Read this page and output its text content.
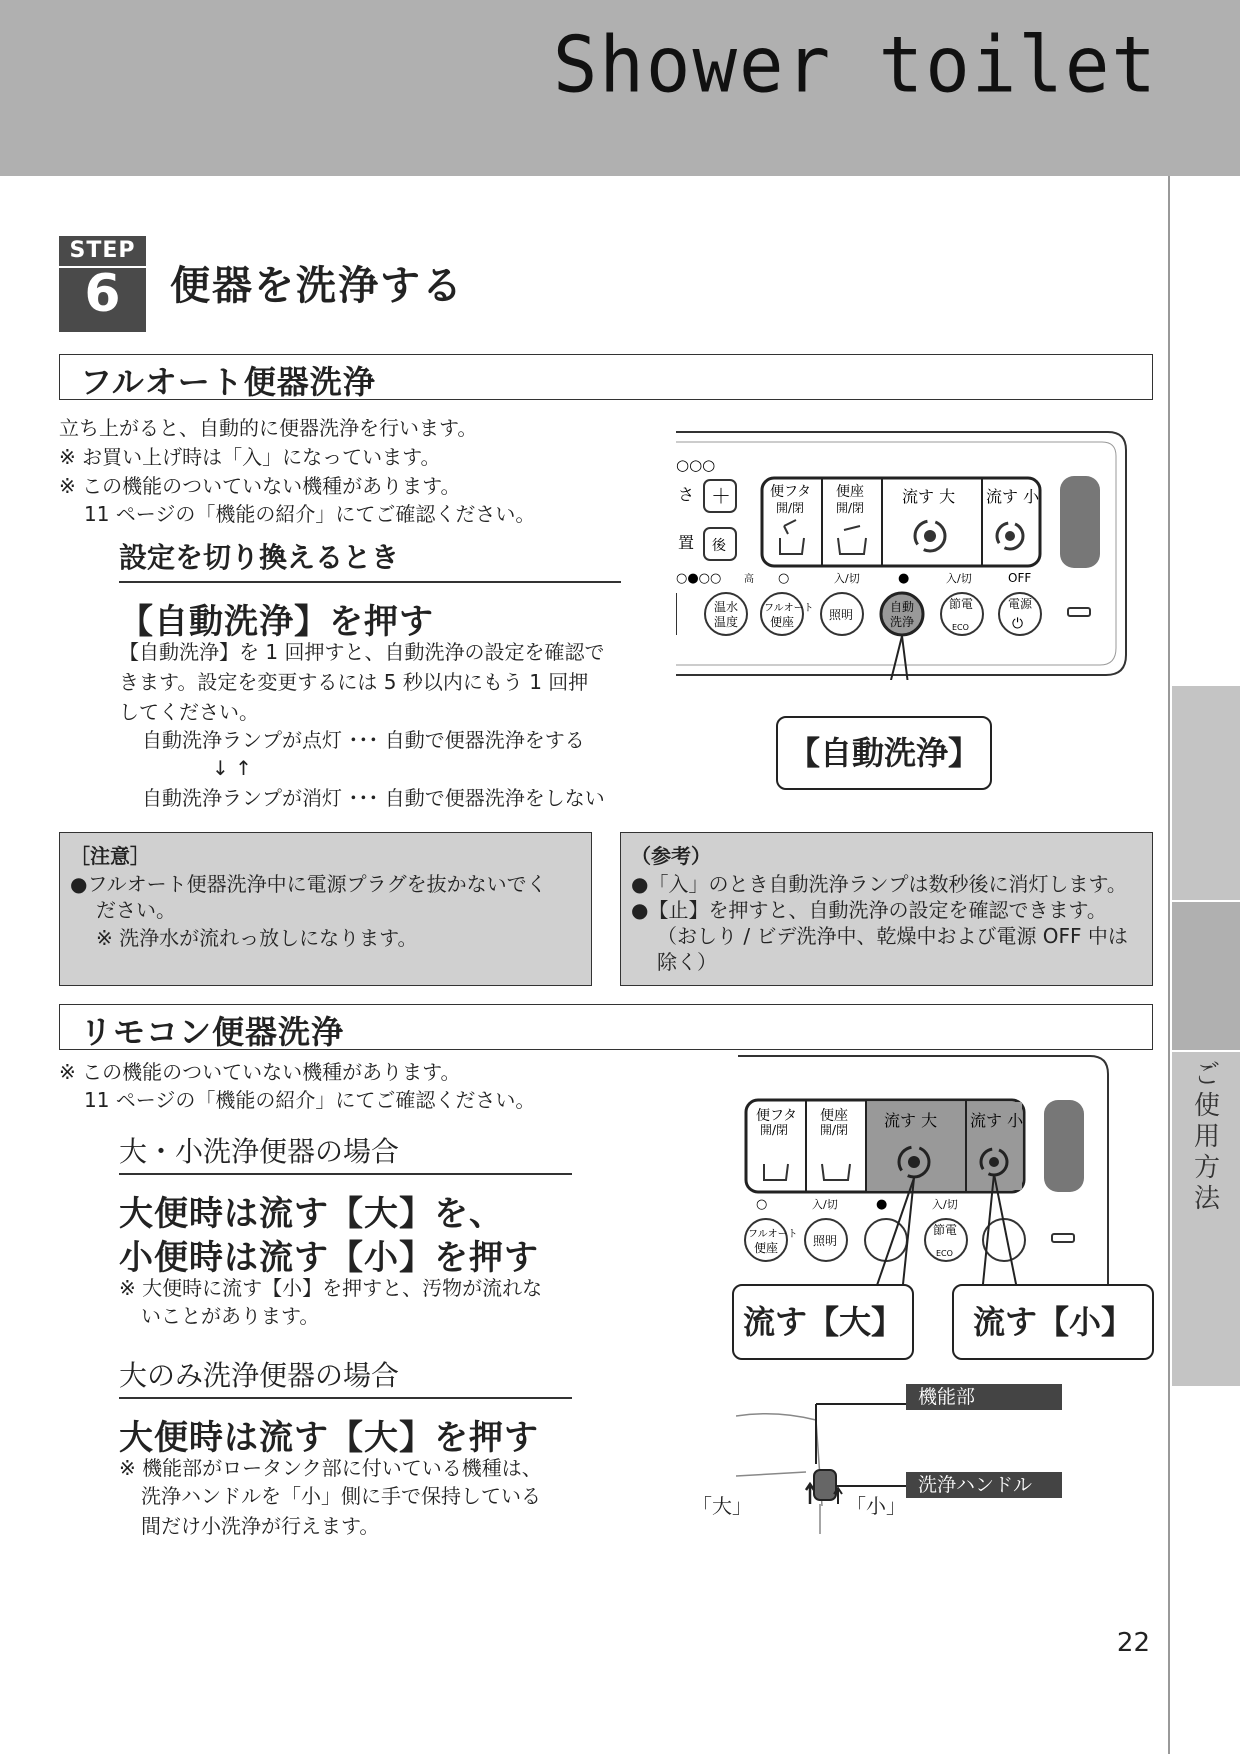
Shower toilet
ご使用方法
STEP
6	便器を洗浄する
フルオート便器洗浄
立ち上がると、自動的に便器洗浄を行います。
※ お買い上げ時は「入」になっています。
※ この機能のついていない機種があります。
11 ページの「機能の紹介」にてご確認ください。
設定を切り換えるとき
【自動洗浄】を押す
【自動洗浄】を 1 回押すと、自動洗浄の設定を確認で
きます。設定を変更するには 5 秒以内にもう 1 回押
してください。
自動洗浄ランプが点灯 ･･･ 自動で便器洗浄をする
↓ ↑
自動洗浄ランプが消灯 ･･･ 自動で便器洗浄をしない
○○○
さ ＋
置 後
便フタ
開/閉
便座
開/閉
流す 大 流す 小
○●○○ 高 ○	入/切	●	入/切	OFF
温水
温度
フルオート
便座	照明
自動
洗浄
節電
ECO
電源
⏻
【自動洗浄】
［注意］
●フルオート便器洗浄中に電源プラグを抜かないでく
ださい。
※ 洗浄水が流れっ放しになります。
（参考）
●「入」のとき自動洗浄ランプは数秒後に消灯します。
●【止】を押すと、自動洗浄の設定を確認できます。
（おしり / ビデ洗浄中、乾燥中および電源 OFF 中は
除く）
リモコン便器洗浄
※ この機能のついていない機種があります。
11 ページの「機能の紹介」にてご確認ください。
大・小洗浄便器の場合
大便時は流す【大】を、
小便時は流す【小】を押す
※ 大便時に流す【小】を押すと、汚物が流れな
いことがあります。
大のみ洗浄便器の場合
大便時は流す【大】を押す
※ 機能部がロータンク部に付いている機種は、
洗浄ハンドルを「小」側に手で保持している
間だけ小洗浄が行えます。
便フタ
開/閉
便座
開/閉 流す 大 流す 小
○	入/切	●	入/切
フルオート
便座	照明
節電
ECO
流す【大】	流す【小】
機能部
洗浄ハンドル
「大」	「小」
22
